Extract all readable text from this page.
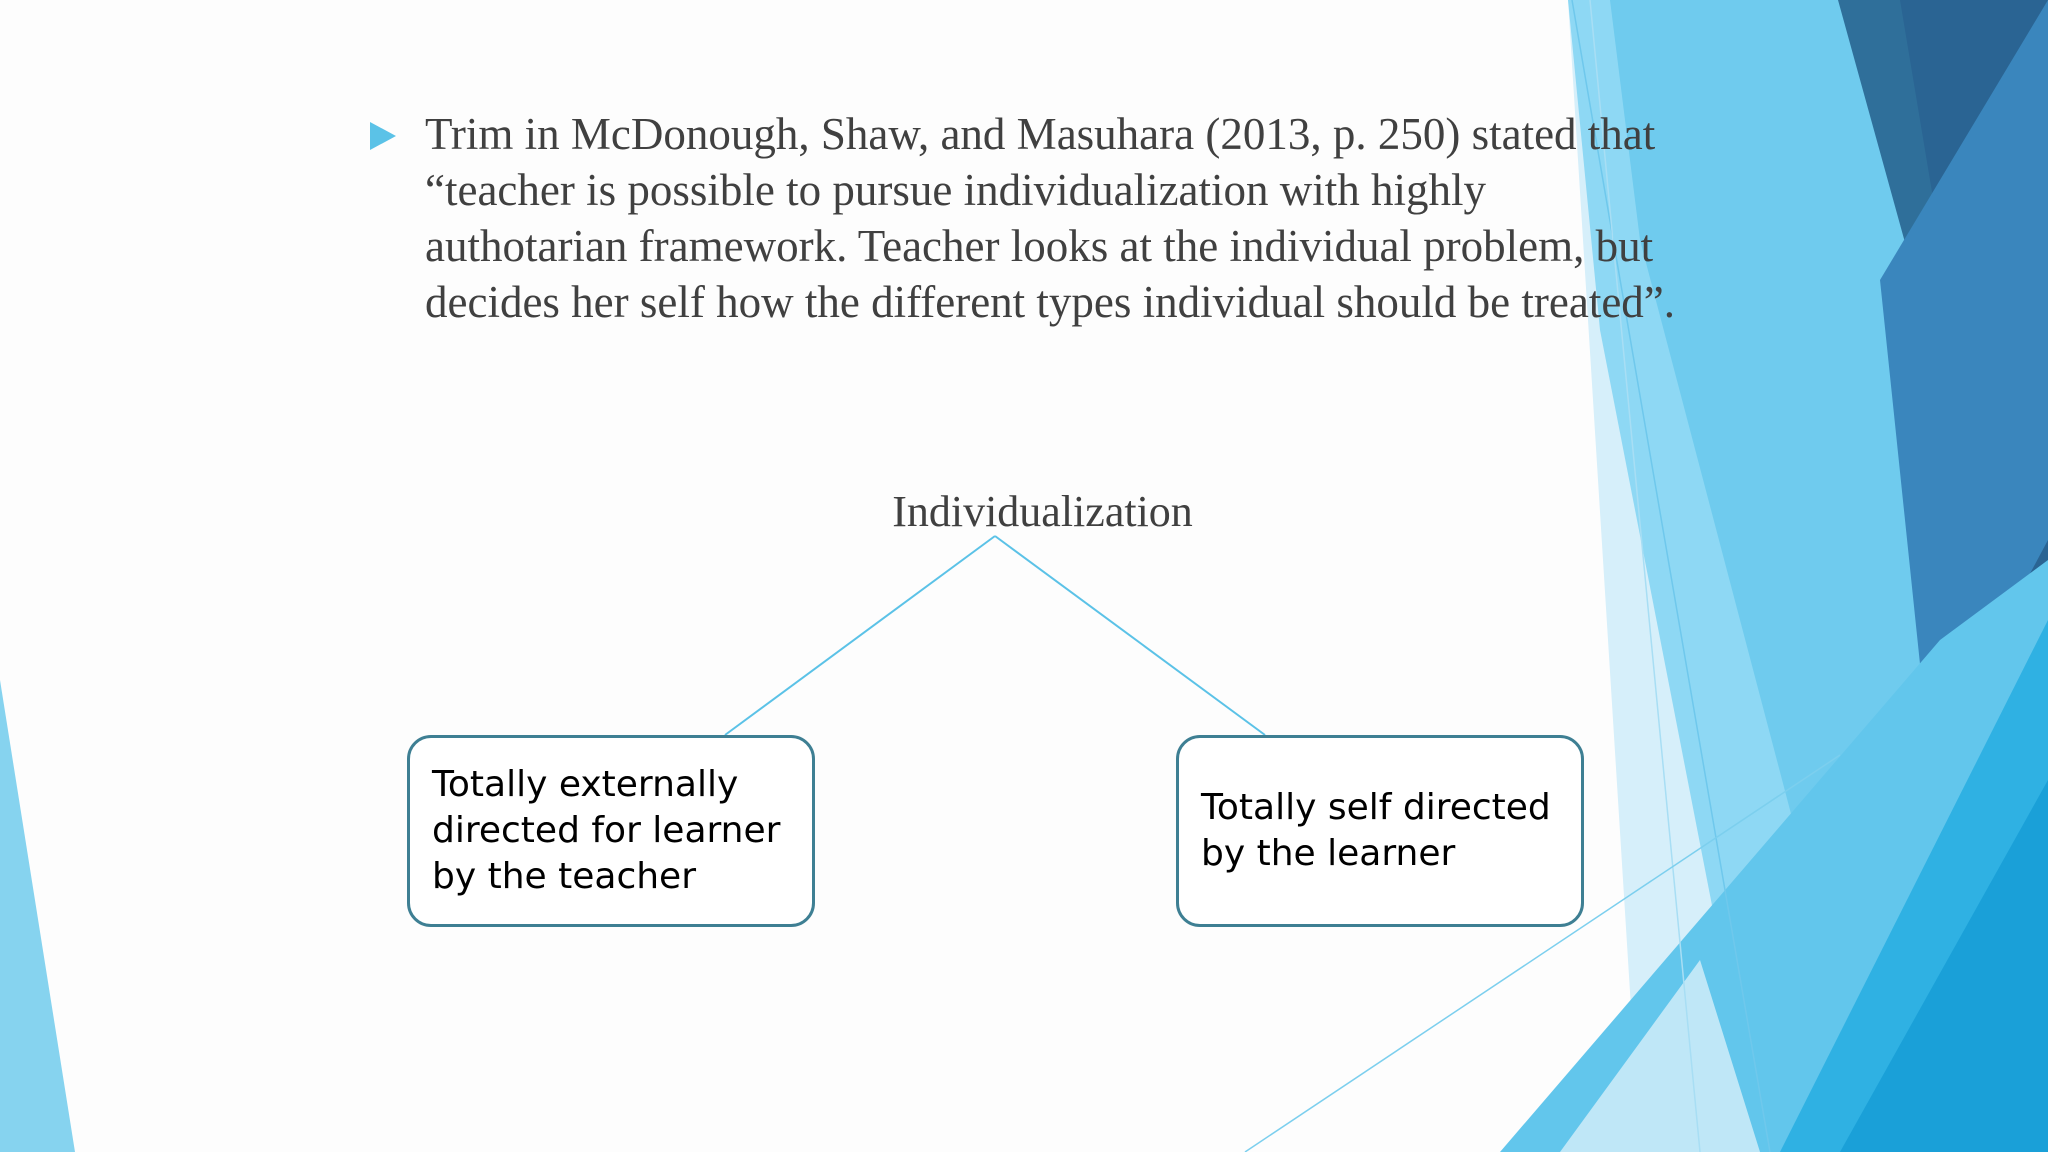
Trim in McDonough, Shaw, and Masuhara (2013, p. 250) stated that “teacher is possible to pursue individualization with highly authotarian framework. Teacher looks at the individual problem, but decides her self how the different types individual should be treated”.
Individualization
Totally externally directed for learner by the teacher
Totally self directed by the learner
